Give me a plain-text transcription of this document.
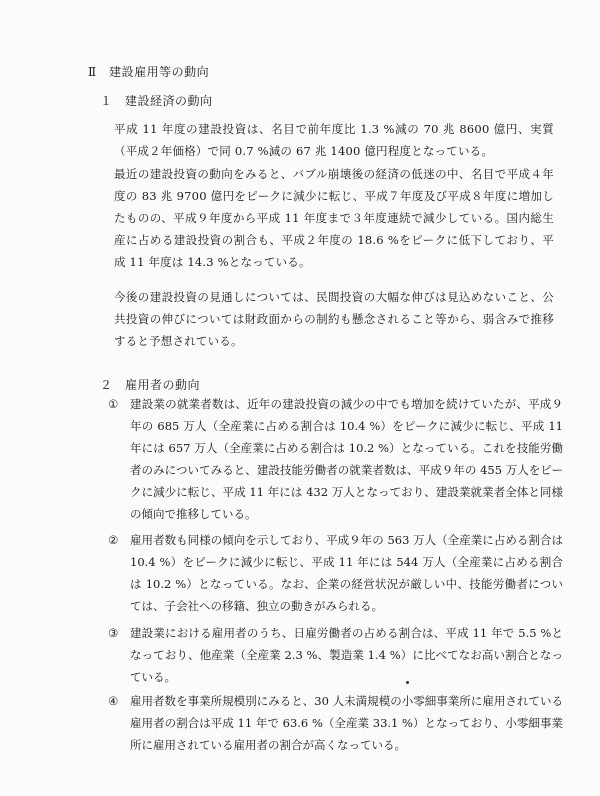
Ⅱ　建設雇用等の動向
１　建設経済の動向
平成 11 年度の建設投資は、名目で前年度比 1.3 %減の 70 兆 8600 億円、実質（平成２年価格）で同 0.7 %減の 67 兆 1400 億円程度となっている。
最近の建設投資の動向をみると、バブル崩壊後の経済の低迷の中、名目で平成４年度の 83 兆 9700 億円をピークに減少に転じ、平成７年度及び平成８年度に増加したものの、平成９年度から平成 11 年度まで３年度連続で減少している。国内総生産に占める建設投資の割合も、平成２年度の 18.6 %をピークに低下しており、平成 11 年度は 14.3 %となっている。
今後の建設投資の見通しについては、民間投資の大幅な伸びは見込めないこと、公共投資の伸びについては財政面からの制約も懸念されること等から、弱含みで推移すると予想されている。
２　雇用者の動向
①	建設業の就業者数は、近年の建設投資の減少の中でも増加を続けていたが、平成９年の 685 万人（全産業に占める割合は 10.4 %）をピークに減少に転じ、平成 11 年には 657 万人（全産業に占める割合は 10.2 %）となっている。これを技能労働者のみについてみると、建設技能労働者の就業者数は、平成９年の 455 万人をピークに減少に転じ、平成 11 年には 432 万人となっており、建設業就業者全体と同様の傾向で推移している。
②	雇用者数も同様の傾向を示しており、平成９年の 563 万人（全産業に占める割合は 10.4 %）をピークに減少に転じ、平成 11 年には 544 万人（全産業に占める割合は 10.2 %）となっている。なお、企業の経営状況が厳しい中、技能労働者については、子会社への移籍、独立の動きがみられる。
③	建設業における雇用者のうち、日雇労働者の占める割合は、平成 11 年で 5.5 %となっており、他産業（全産業 2.3 %、製造業 1.4 %）に比べてなお高い割合となっている。
④	雇用者数を事業所規模別にみると、30 人未満規模の小零細事業所に雇用されている雇用者の割合は平成 11 年で 63.6 %（全産業 33.1 %）となっており、小零細事業所に雇用されている雇用者の割合が高くなっている。
